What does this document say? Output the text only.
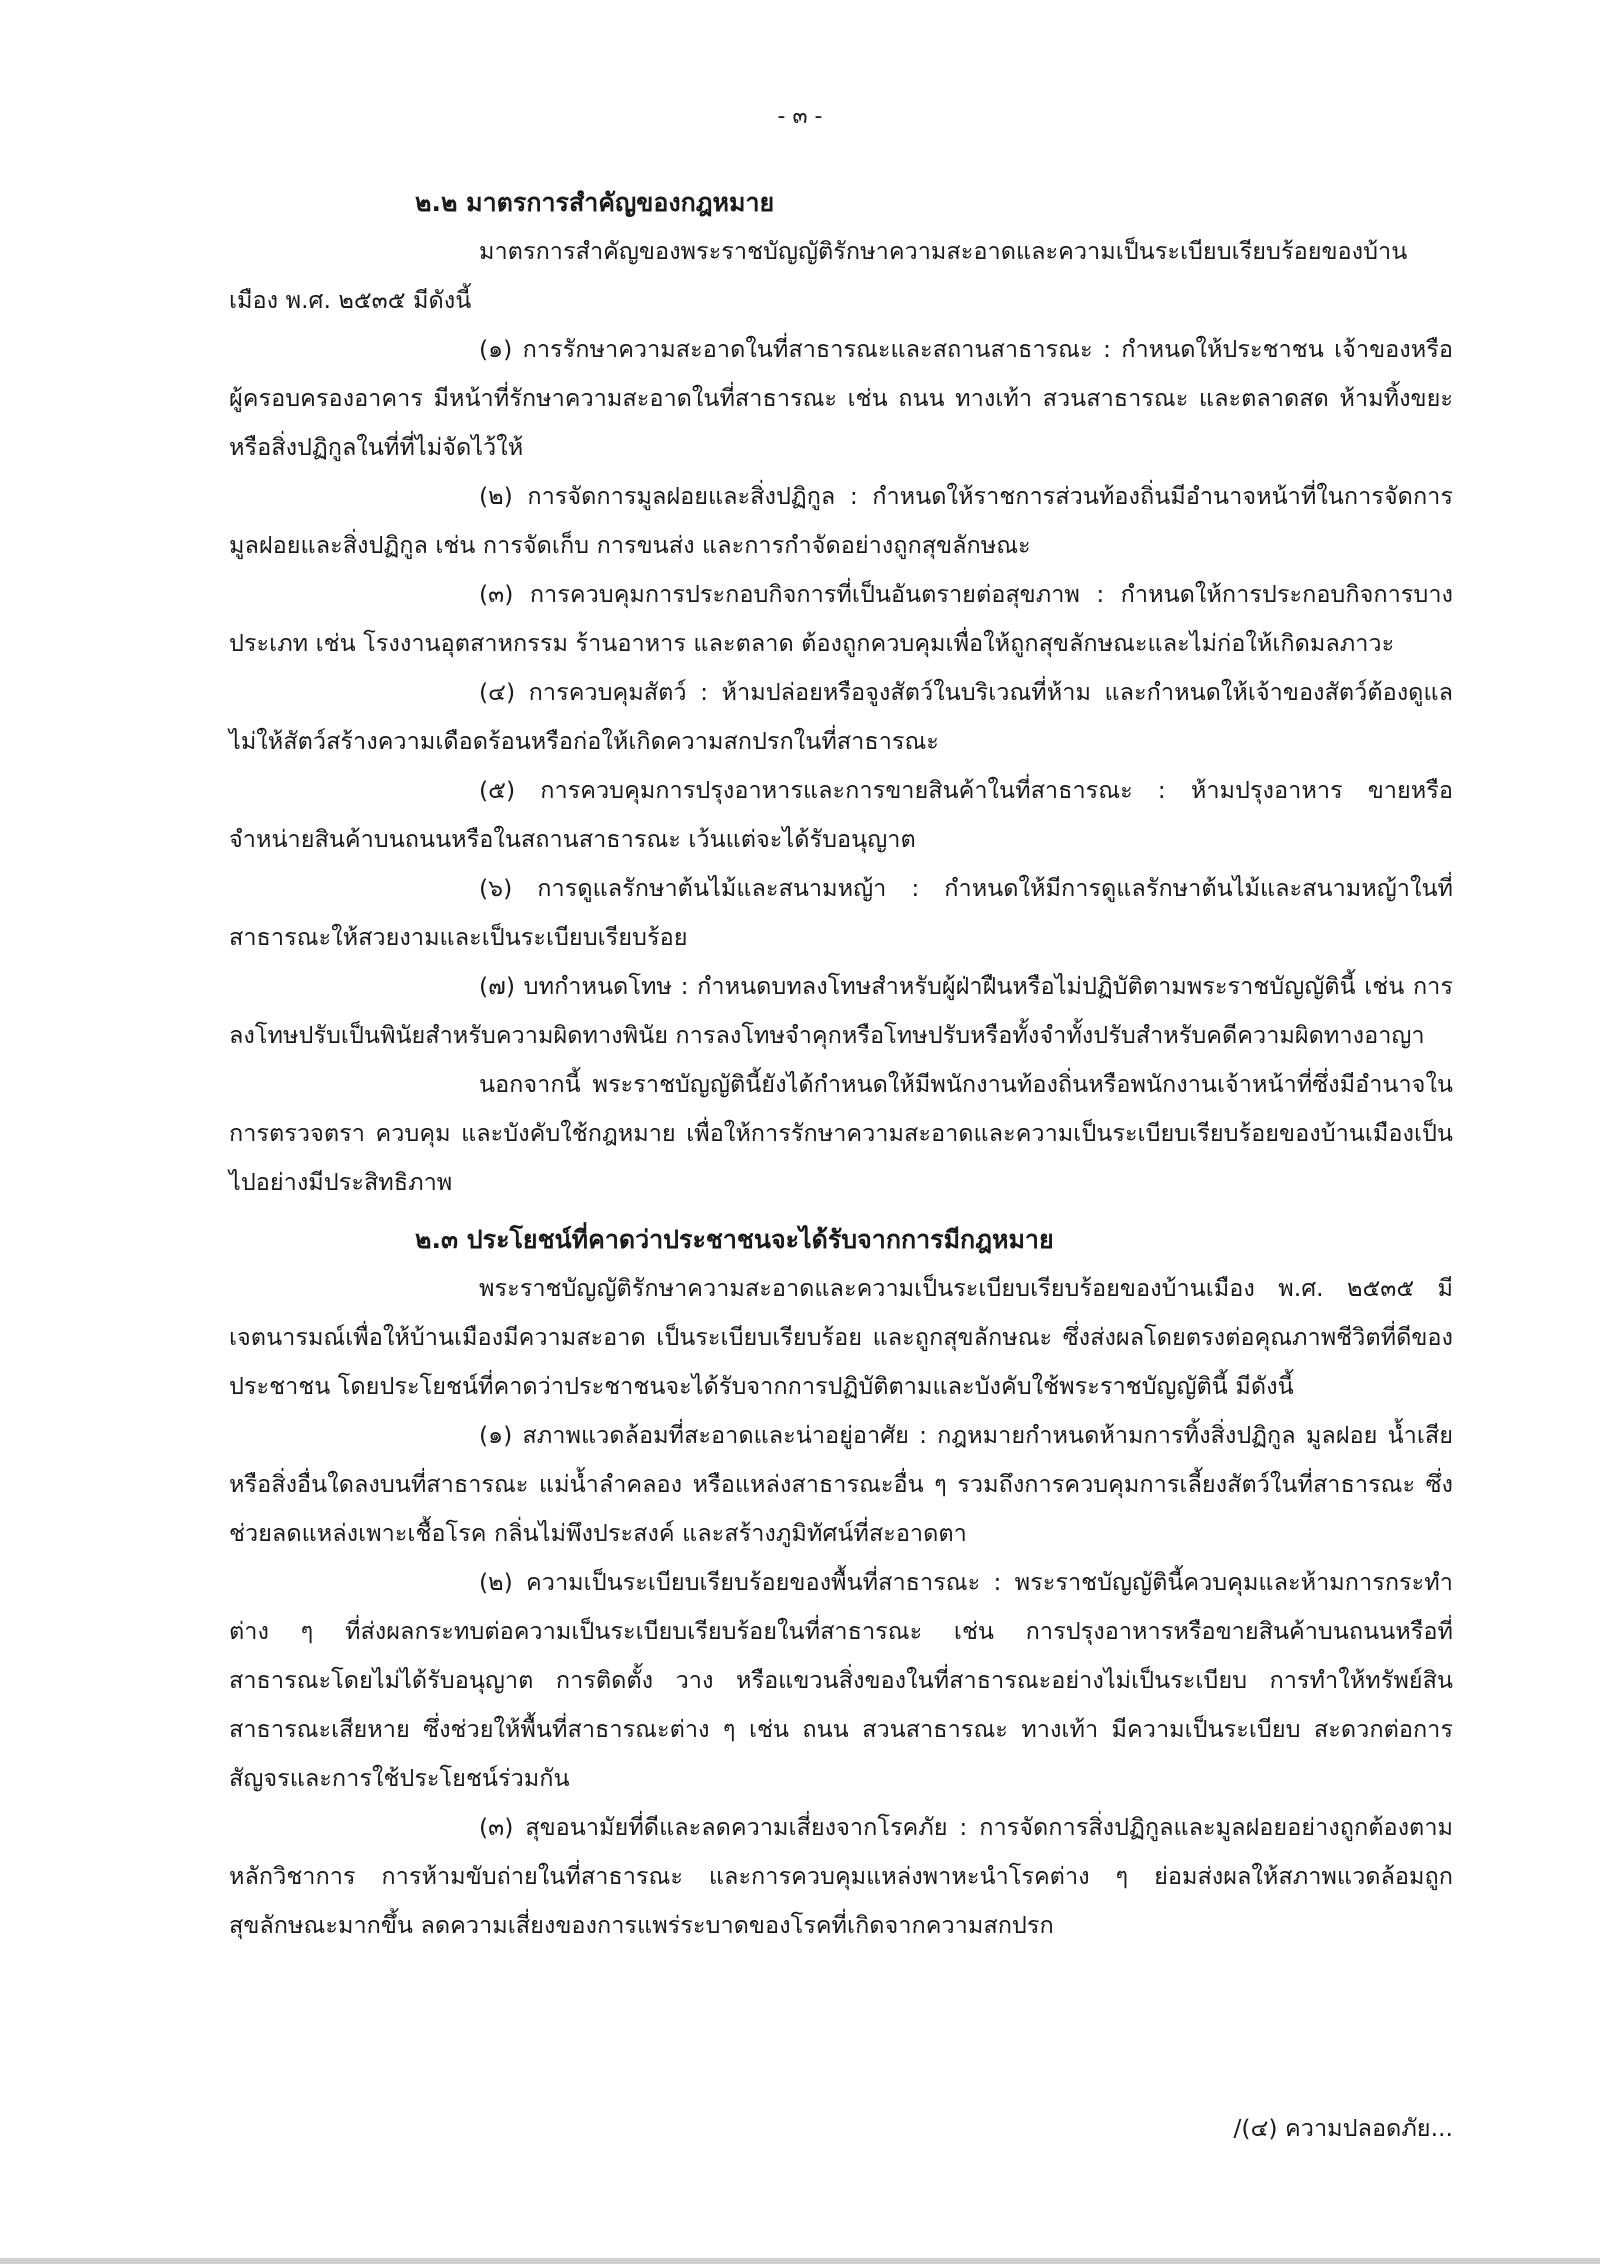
- ๓ -
๒.๒ มาตรการสำคัญของกฎหมาย

มาตรการสำคัญของพระราชบัญญัติรักษาความสะอาดและความเป็นระเบียบเรียบร้อยของบ้านเมือง พ.ศ. ๒๕๓๕ มีดังนี้

(๑) การรักษาความสะอาดในที่สาธารณะและสถานสาธารณะ : กำหนดให้ประชาชน เจ้าของหรือผู้ครอบครองอาคาร มีหน้าที่รักษาความสะอาดในที่สาธารณะ เช่น ถนน ทางเท้า สวนสาธารณะ และตลาดสด ห้ามทิ้งขยะหรือสิ่งปฏิกูลในที่ที่ไม่จัดไว้ให้

(๒) การจัดการมูลฝอยและสิ่งปฏิกูล : กำหนดให้ราชการส่วนท้องถิ่นมีอำนาจหน้าที่ในการจัดการมูลฝอยและสิ่งปฏิกูล เช่น การจัดเก็บ การขนส่ง และการกำจัดอย่างถูกสุขลักษณะ

(๓) การควบคุมการประกอบกิจการที่เป็นอันตรายต่อสุขภาพ : กำหนดให้การประกอบกิจการบางประเภท เช่น โรงงานอุตสาหกรรม ร้านอาหาร และตลาด ต้องถูกควบคุมเพื่อให้ถูกสุขลักษณะและไม่ก่อให้เกิดมลภาวะ

(๔) การควบคุมสัตว์ : ห้ามปล่อยหรือจูงสัตว์ในบริเวณที่ห้าม และกำหนดให้เจ้าของสัตว์ต้องดูแลไม่ให้สัตว์สร้างความเดือดร้อนหรือก่อให้เกิดความสกปรกในที่สาธารณะ

(๕) การควบคุมการปรุงอาหารและการขายสินค้าในที่สาธารณะ : ห้ามปรุงอาหาร ขายหรือจำหน่ายสินค้าบนถนนหรือในสถานสาธารณะ เว้นแต่จะได้รับอนุญาต

(๖) การดูแลรักษาต้นไม้และสนามหญ้า : กำหนดให้มีการดูแลรักษาต้นไม้และสนามหญ้าในที่สาธารณะให้สวยงามและเป็นระเบียบเรียบร้อย

(๗) บทกำหนดโทษ : กำหนดบทลงโทษสำหรับผู้ฝ่าฝืนหรือไม่ปฏิบัติตามพระราชบัญญัตินี้ เช่น การลงโทษปรับเป็นพินัยสำหรับความผิดทางพินัย การลงโทษจำคุกหรือโทษปรับหรือทั้งจำทั้งปรับสำหรับคดีความผิดทางอาญา

นอกจากนี้ พระราชบัญญัตินี้ยังได้กำหนดให้มีพนักงานท้องถิ่นหรือพนักงานเจ้าหน้าที่ซึ่งมีอำนาจในการตรวจตรา ควบคุม และบังคับใช้กฎหมาย เพื่อให้การรักษาความสะอาดและความเป็นระเบียบเรียบร้อยของบ้านเมืองเป็นไปอย่างมีประสิทธิภาพ

๒.๓ ประโยชน์ที่คาดว่าประชาชนจะได้รับจากการมีกฎหมาย

พระราชบัญญัติรักษาความสะอาดและความเป็นระเบียบเรียบร้อยของบ้านเมือง พ.ศ. ๒๕๓๕ มีเจตนารมณ์เพื่อให้บ้านเมืองมีความสะอาด เป็นระเบียบเรียบร้อย และถูกสุขลักษณะ ซึ่งส่งผลโดยตรงต่อคุณภาพชีวิตที่ดีของประชาชน โดยประโยชน์ที่คาดว่าประชาชนจะได้รับจากการปฏิบัติตามและบังคับใช้พระราชบัญญัตินี้ มีดังนี้

(๑) สภาพแวดล้อมที่สะอาดและน่าอยู่อาศัย : กฎหมายกำหนดห้ามการทิ้งสิ่งปฏิกูล มูลฝอย น้ำเสีย หรือสิ่งอื่นใดลงบนที่สาธารณะ แม่น้ำลำคลอง หรือแหล่งสาธารณะอื่น ๆ รวมถึงการควบคุมการเลี้ยงสัตว์ในที่สาธารณะ ซึ่งช่วยลดแหล่งเพาะเชื้อโรค กลิ่นไม่พึงประสงค์ และสร้างภูมิทัศน์ที่สะอาดตา

(๒) ความเป็นระเบียบเรียบร้อยของพื้นที่สาธารณะ : พระราชบัญญัตินี้ควบคุมและห้ามการกระทำต่าง ๆ ที่ส่งผลกระทบต่อความเป็นระเบียบเรียบร้อยในที่สาธารณะ เช่น การปรุงอาหารหรือขายสินค้าบนถนนหรือที่สาธารณะโดยไม่ได้รับอนุญาต การติดตั้ง วาง หรือแขวนสิ่งของในที่สาธารณะอย่างไม่เป็นระเบียบ การทำให้ทรัพย์สินสาธารณะเสียหาย ซึ่งช่วยให้พื้นที่สาธารณะต่าง ๆ เช่น ถนน สวนสาธารณะ ทางเท้า มีความเป็นระเบียบ สะดวกต่อการสัญจรและการใช้ประโยชน์ร่วมกัน

(๓) สุขอนามัยที่ดีและลดความเสี่ยงจากโรคภัย : การจัดการสิ่งปฏิกูลและมูลฝอยอย่างถูกต้องตามหลักวิชาการ การห้ามขับถ่ายในที่สาธารณะ และการควบคุมแหล่งพาหะนำโรคต่าง ๆ ย่อมส่งผลให้สภาพแวดล้อมถูกสุขลักษณะมากขึ้น ลดความเสี่ยงของการแพร่ระบาดของโรคที่เกิดจากความสกปรก

/(๔) ความปลอดภัย...
